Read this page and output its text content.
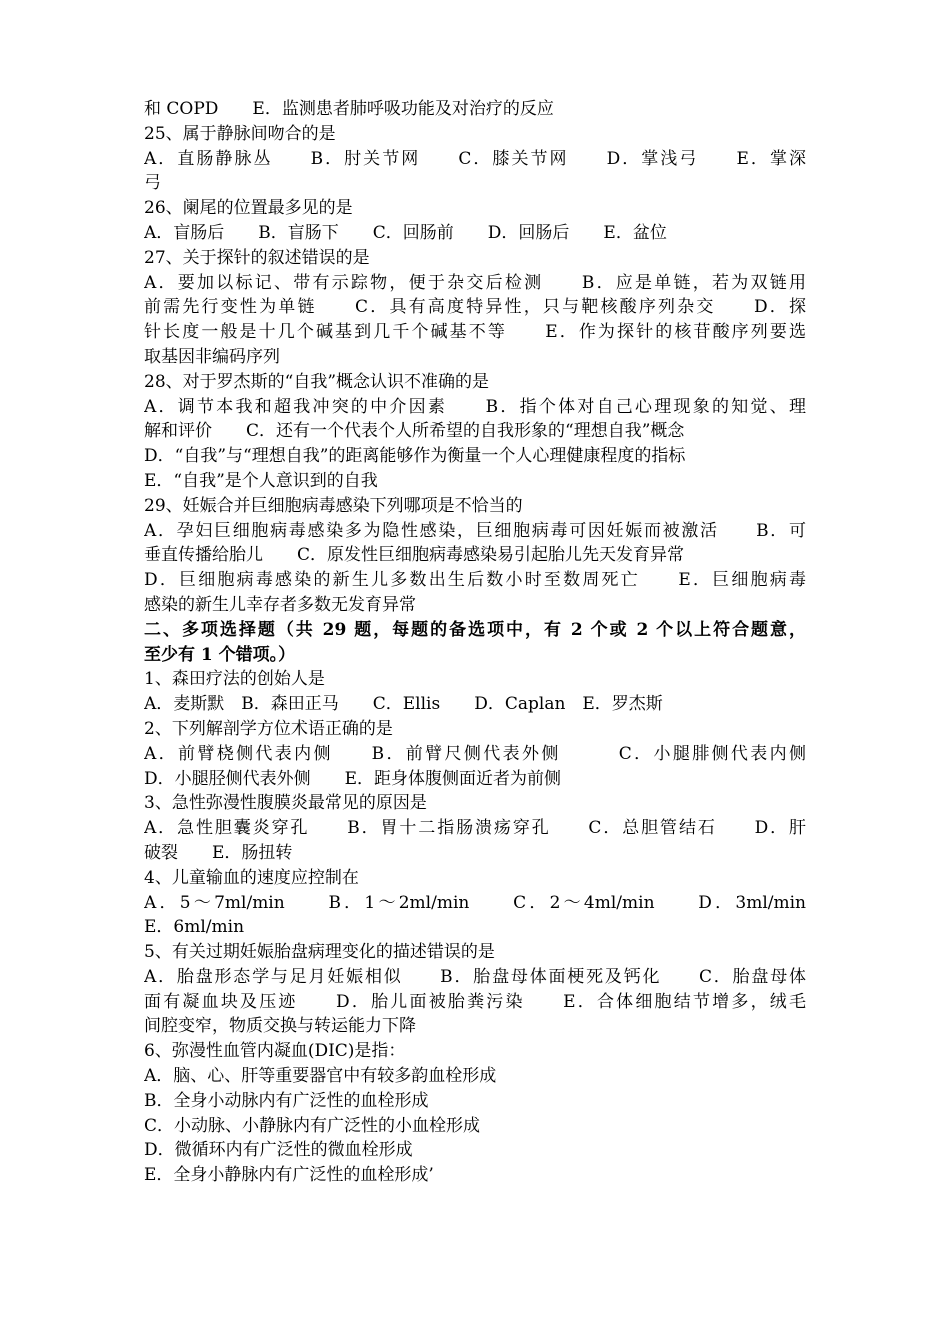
和 COPD　　E．监测患者肺呼吸功能及对治疗的反应
25、属于静脉间吻合的是
A．直肠静脉丛　　B．肘关节网　　C．膝关节网　　D．掌浅弓　　E．掌深
弓
26、阑尾的位置最多见的是
A．盲肠后　　B．盲肠下　　C．回肠前　　D．回肠后　　E．盆位
27、关于探针的叙述错误的是
A．要加以标记、带有示踪物，便于杂交后检测　　B．应是单链，若为双链用
前需先行变性为单链　　C．具有高度特异性，只与靶核酸序列杂交　　D．探
针长度一般是十几个碱基到几千个碱基不等　　E．作为探针的核苷酸序列要选
取基因非编码序列
28、对于罗杰斯的“自我”概念认识不准确的是
A．调节本我和超我冲突的中介因素　　B．指个体对自己心理现象的知觉、理
解和评价　　C．还有一个代表个人所希望的自我形象的“理想自我”概念
D．“自我”与“理想自我”的距离能够作为衡量一个人心理健康程度的指标
E．“自我”是个人意识到的自我
29、妊娠合并巨细胞病毒感染下列哪项是不恰当的
A．孕妇巨细胞病毒感染多为隐性感染，巨细胞病毒可因妊娠而被激活　　B．可
垂直传播给胎儿　　C．原发性巨细胞病毒感染易引起胎儿先天发育异常
D．巨细胞病毒感染的新生儿多数出生后数小时至数周死亡　　E．巨细胞病毒
感染的新生儿幸存者多数无发育异常
二、多项选择题（共 29 题，每题的备选项中，有 2 个或 2 个以上符合题意，
至少有 1 个错项。）
1、森田疗法的创始人是
A．麦斯默　B．森田正马　　C．Ellis　　D．Caplan　E．罗杰斯
2、下列解剖学方位术语正确的是
A．前臂桡侧代表内侧　　B．前臂尺侧代表外侧　　　C．小腿腓侧代表内侧
D．小腿胫侧代表外侧　　E．距身体腹侧面近者为前侧
3、急性弥漫性腹膜炎最常见的原因是
A．急性胆囊炎穿孔　　B．胃十二指肠溃疡穿孔　　C．总胆管结石　　D．肝
破裂　　E．肠扭转
4、儿童输血的速度应控制在
A．5～7ml/min　　B．1～2ml/min　　C．2～4ml/min　　D．3ml/min
E．6ml/min
5、有关过期妊娠胎盘病理变化的描述错误的是
A．胎盘形态学与足月妊娠相似　　B．胎盘母体面梗死及钙化　　C．胎盘母体
面有凝血块及压迹　　D．胎儿面被胎粪污染　　E．合体细胞结节增多，绒毛
间腔变窄，物质交换与转运能力下降
6、弥漫性血管内凝血(DIC)是指：
A．脑、心、肝等重要器官中有较多韵血栓形成
B．全身小动脉内有广泛性的血栓形成
C．小动脉、小静脉内有广泛性的小血栓形成
D．微循环内有广泛性的微血栓形成
E．全身小静脉内有广泛性的血栓形成’
